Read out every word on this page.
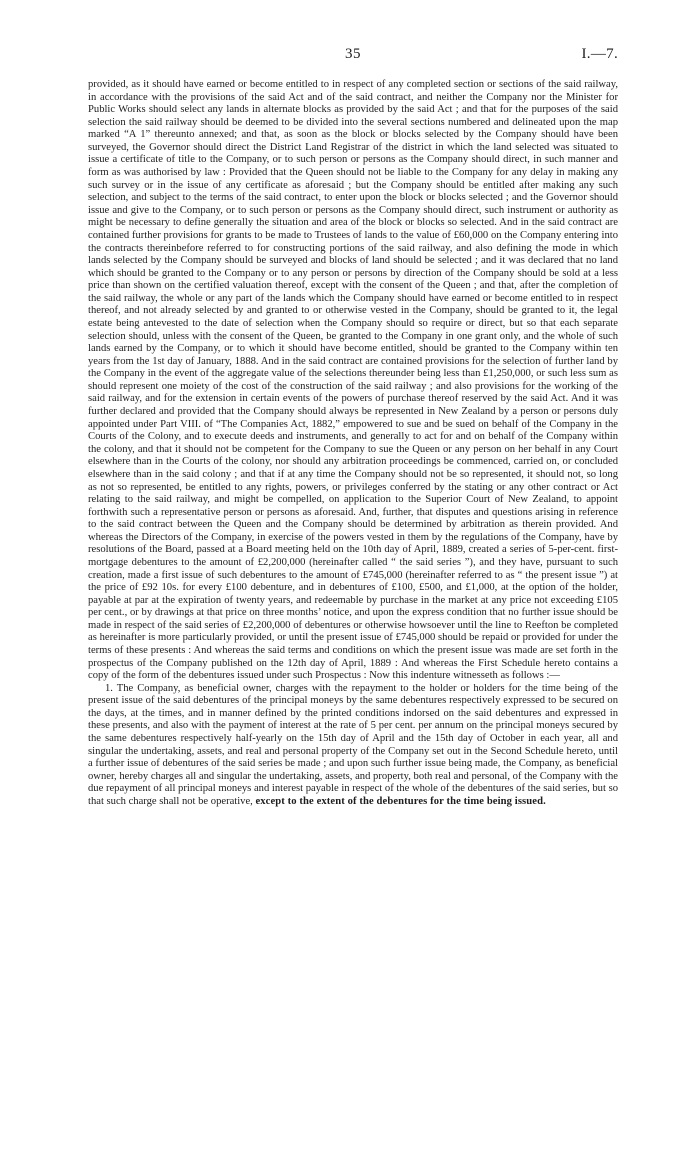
35	I.—7.

provided, as it should have earned or become entitled to in respect of any completed section or sections of the said railway, in accordance with the provisions of the said Act and of the said contract, and neither the Company nor the Minister for Public Works should select any lands in alternate blocks as provided by the said Act ; and that for the purposes of the said selection the said railway should be deemed to be divided into the several sections numbered and delineated upon the map marked “A 1” thereunto annexed; and that, as soon as the block or blocks selected by the Company should have been surveyed, the Governor should direct the District Land Registrar of the district in which the land selected was situated to issue a certificate of title to the Company, or to such person or persons as the Company should direct, in such manner and form as was authorised by law : Provided that the Queen should not be liable to the Company for any delay in making any such survey or in the issue of any certificate as aforesaid ; but the Company should be entitled after making any such selection, and subject to the terms of the said contract, to enter upon the block or blocks selected ; and the Governor should issue and give to the Company, or to such person or persons as the Company should direct, such instrument or authority as might be necessary to define generally the situation and area of the block or blocks so selected. And in the said contract are contained further provisions for grants to be made to Trustees of lands to the value of £60,000 on the Company entering into the contracts thereinbefore referred to for constructing portions of the said railway, and also defining the mode in which lands selected by the Company should be surveyed and blocks of land should be selected ; and it was declared that no land which should be granted to the Company or to any person or persons by direction of the Company should be sold at a less price than shown on the certified valuation thereof, except with the consent of the Queen ; and that, after the completion of the said railway, the whole or any part of the lands which the Company should have earned or become entitled to in respect thereof, and not already selected by and granted to or otherwise vested in the Company, should be granted to it, the legal estate being antevested to the date of selection when the Company should so require or direct, but so that each separate selection should, unless with the consent of the Queen, be granted to the Company in one grant only, and the whole of such lands earned by the Company, or to which it should have become entitled, should be granted to the Company within ten years from the 1st day of January, 1888. And in the said contract are contained provisions for the selection of further land by the Company in the event of the aggregate value of the selections thereunder being less than £1,250,000, or such less sum as should represent one moiety of the cost of the construction of the said railway ; and also provisions for the working of the said railway, and for the extension in certain events of the powers of purchase thereof reserved by the said Act. And it was further declared and provided that the Company should always be represented in New Zealand by a person or persons duly appointed under Part VIII. of “The Companies Act, 1882,” empowered to sue and be sued on behalf of the Company in the Courts of the Colony, and to execute deeds and instruments, and generally to act for and on behalf of the Company within the colony, and that it should not be competent for the Company to sue the Queen or any person on her behalf in any Court elsewhere than in the Courts of the colony, nor should any arbitration proceedings be commenced, carried on, or concluded elsewhere than in the said colony ; and that if at any time the Company should not be so represented, it should not, so long as not so represented, be entitled to any rights, powers, or privileges conferred by the stating or any other contract or Act relating to the said railway, and might be compelled, on application to the Superior Court of New Zealand, to appoint forthwith such a representative person or persons as aforesaid. And, further, that disputes and questions arising in reference to the said contract between the Queen and the Company should be determined by arbitration as therein provided. And whereas the Directors of the Company, in exercise of the powers vested in them by the regulations of the Company, have by resolutions of the Board, passed at a Board meeting held on the 10th day of April, 1889, created a series of 5-per-cent. first-mortgage debentures to the amount of £2,200,000 (hereinafter called “ the said series ”), and they have, pursuant to such creation, made a first issue of such debentures to the amount of £745,000 (hereinafter referred to as “ the present issue ”) at the price of £92 10s. for every £100 debenture, and in debentures of £100, £500, and £1,000, at the option of the holder, payable at par at the expiration of twenty years, and redeemable by purchase in the market at any price not exceeding £105 per cent., or by drawings at that price on three months’ notice, and upon the express condition that no further issue should be made in respect of the said series of £2,200,000 of debentures or otherwise howsoever until the line to Reefton be completed as hereinafter is more particularly provided, or until the present issue of £745,000 should be repaid or provided for under the terms of these presents : And whereas the said terms and conditions on which the present issue was made are set forth in the prospectus of the Company published on the 12th day of April, 1889 : And whereas the First Schedule hereto contains a copy of the form of the debentures issued under such Prospectus : Now this indenture witnesseth as follows :—

1. The Company, as beneficial owner, charges with the repayment to the holder or holders for the time being of the present issue of the said debentures of the principal moneys by the same debentures respectively expressed to be secured on the days, at the times, and in manner defined by the printed conditions indorsed on the said debentures and expressed in these presents, and also with the payment of interest at the rate of 5 per cent. per annum on the principal moneys secured by the same debentures respectively half-yearly on the 15th day of April and the 15th day of October in each year, all and singular the undertaking, assets, and real and personal property of the Company set out in the Second Schedule hereto, until a further issue of debentures of the said series be made ; and upon such further issue being made, the Company, as beneficial owner, hereby charges all and singular the undertaking, assets, and property, both real and personal, of the Company with the due repayment of all principal moneys and interest payable in respect of the whole of the debentures of the said series, but so that such charge shall not be operative, except to the extent of the debentures for the time being issued.
